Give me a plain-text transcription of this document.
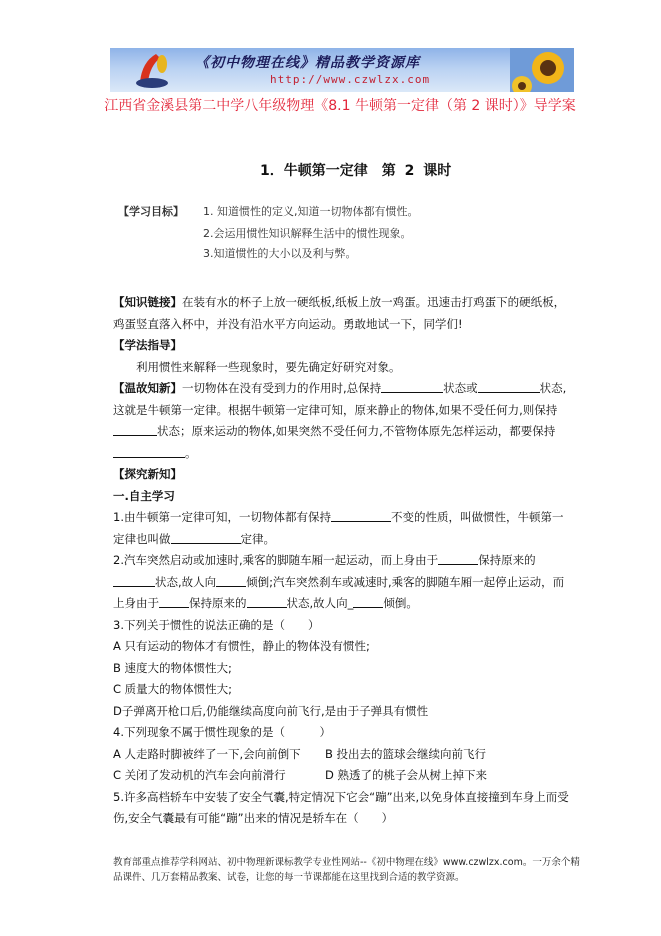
《初中物理在线》精品教学资源库
http://www.czwlzx.com
江西省金溪县第二中学八年级物理《8.1 牛顿第一定律（第 2 课时）》导学案
1．牛顿第一定律　第 2 课时
【学习目标】 1. 知道惯性的定义,知道一切物体都有惯性。
2.会运用惯性知识解释生活中的惯性现象。
3.知道惯性的大小以及利与弊。

【知识链接】在装有水的杯子上放一硬纸板,纸板上放一鸡蛋。迅速击打鸡蛋下的硬纸板，鸡蛋竖直落入杯中，并没有沿水平方向运动。勇敢地试一下，同学们!

【学法指导】

利用惯性来解释一些现象时，要先确定好研究对象。

【温故知新】一切物体在没有受到力的作用时,总保持	状态或	状态,这就是牛顿第一定律。根据牛顿第一定律可知，原来静止的物体,如果不受任何力,则保持状态；原来运动的物体,如果突然不受任何力,不管物体原先怎样运动，都要保持。

【探究新知】

一.自主学习

1.由牛顿第一定律可知，一切物体都有保持	不变的性质，叫做惯性，牛顿第一定律也叫做	定律。

2.汽车突然启动或加速时,乘客的脚随车厢一起运动，而上身由于	保持原来的状态,故人向	倾倒;汽车突然刹车或减速时,乘客的脚随车厢一起停止运动，而上身由于	保持原来的	状态,故人向_	倾倒。

3.下列关于惯性的说法正确的是（　　）

A 只有运动的物体才有惯性，静止的物体没有惯性;

B 速度大的物体惯性大;

C 质量大的物体惯性大;

D子弹离开枪口后,仍能继续高度向前飞行,是由于子弹具有惯性

4.下列现象不属于惯性现象的是（　　　）

A 人走路时脚被绊了一下,会向前倒下 B 投出去的篮球会继续向前飞行

C 关闭了发动机的汽车会向前滑行	D 熟透了的桃子会从树上掉下来

5.许多高档轿车中安装了安全气囊,特定情况下它会“蹦”出来,以免身体直接撞到车身上而受伤,安全气囊最有可能“蹦”出来的情况是轿车在（　　）

教育部重点推荐学科网站、初中物理新课标教学专业性网站--《初中物理在线》www.czwlzx.com。一万余个精品课件、几万套精品教案、试卷，让您的每一节课都能在这里找到合适的教学资源。
